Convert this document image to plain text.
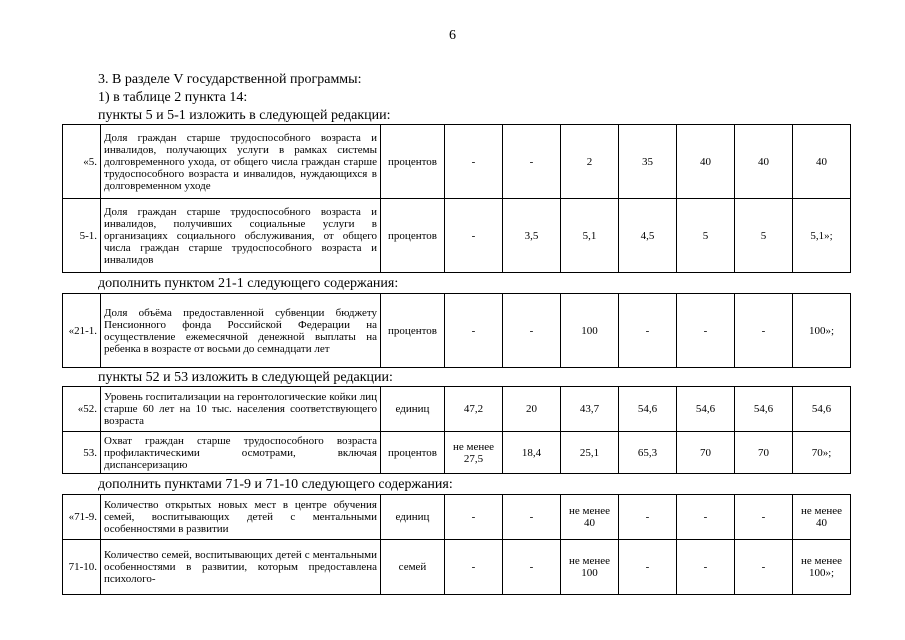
6
3. В разделе V государственной программы:
1) в таблице 2 пункта 14:
пункты 5 и 5-1 изложить в следующей редакции:
«5.	Доля граждан старше трудоспособного возраста и инвалидов, получающих услуги в рамках системы долговременного ухода, от общего числа граждан старше трудоспособного возраста и инвалидов, нуждающихся в долговременном уходе	процентов	-	-	2	35	40	40	40
5-1.	Доля граждан старше трудоспособного возраста и инвалидов, получивших социальные услуги в организациях социального обслуживания, от общего числа граждан старше трудоспособного возраста и инвалидов	процентов	-	3,5	5,1	4,5	5	5	5,1»;
дополнить пунктом 21-1 следующего содержания:
«21-1.	Доля объёма предоставленной субвенции бюджету Пенсионного фонда Российской Федерации на осуществление ежемесячной денежной выплаты на ребенка в возрасте от восьми до семнадцати лет	процентов	-	-	100	-	-	-	100»;
пункты 52 и 53 изложить в следующей редакции:
«52.	Уровень госпитализации на геронтологические койки лиц старше 60 лет на 10 тыс. населения соответствующего возраста	единиц	47,2	20	43,7	54,6	54,6	54,6	54,6
53.	Охват граждан старше трудоспособного возраста профилактическими осмотрами, включая диспансеризацию	процентов	не менее 27,5	18,4	25,1	65,3	70	70	70»;
дополнить пунктами 71-9 и 71-10 следующего содержания:
«71-9.	Количество открытых новых мест в центре обучения семей, воспитывающих детей с ментальными особенностями в развитии	единиц	-	-	не менее 40	-	-	-	не менее 40
71-10.	Количество семей, воспитывающих детей с ментальными особенностями в развитии, которым предоставлена психолого-	семей	-	-	не менее 100	-	-	-	не менее 100»;
